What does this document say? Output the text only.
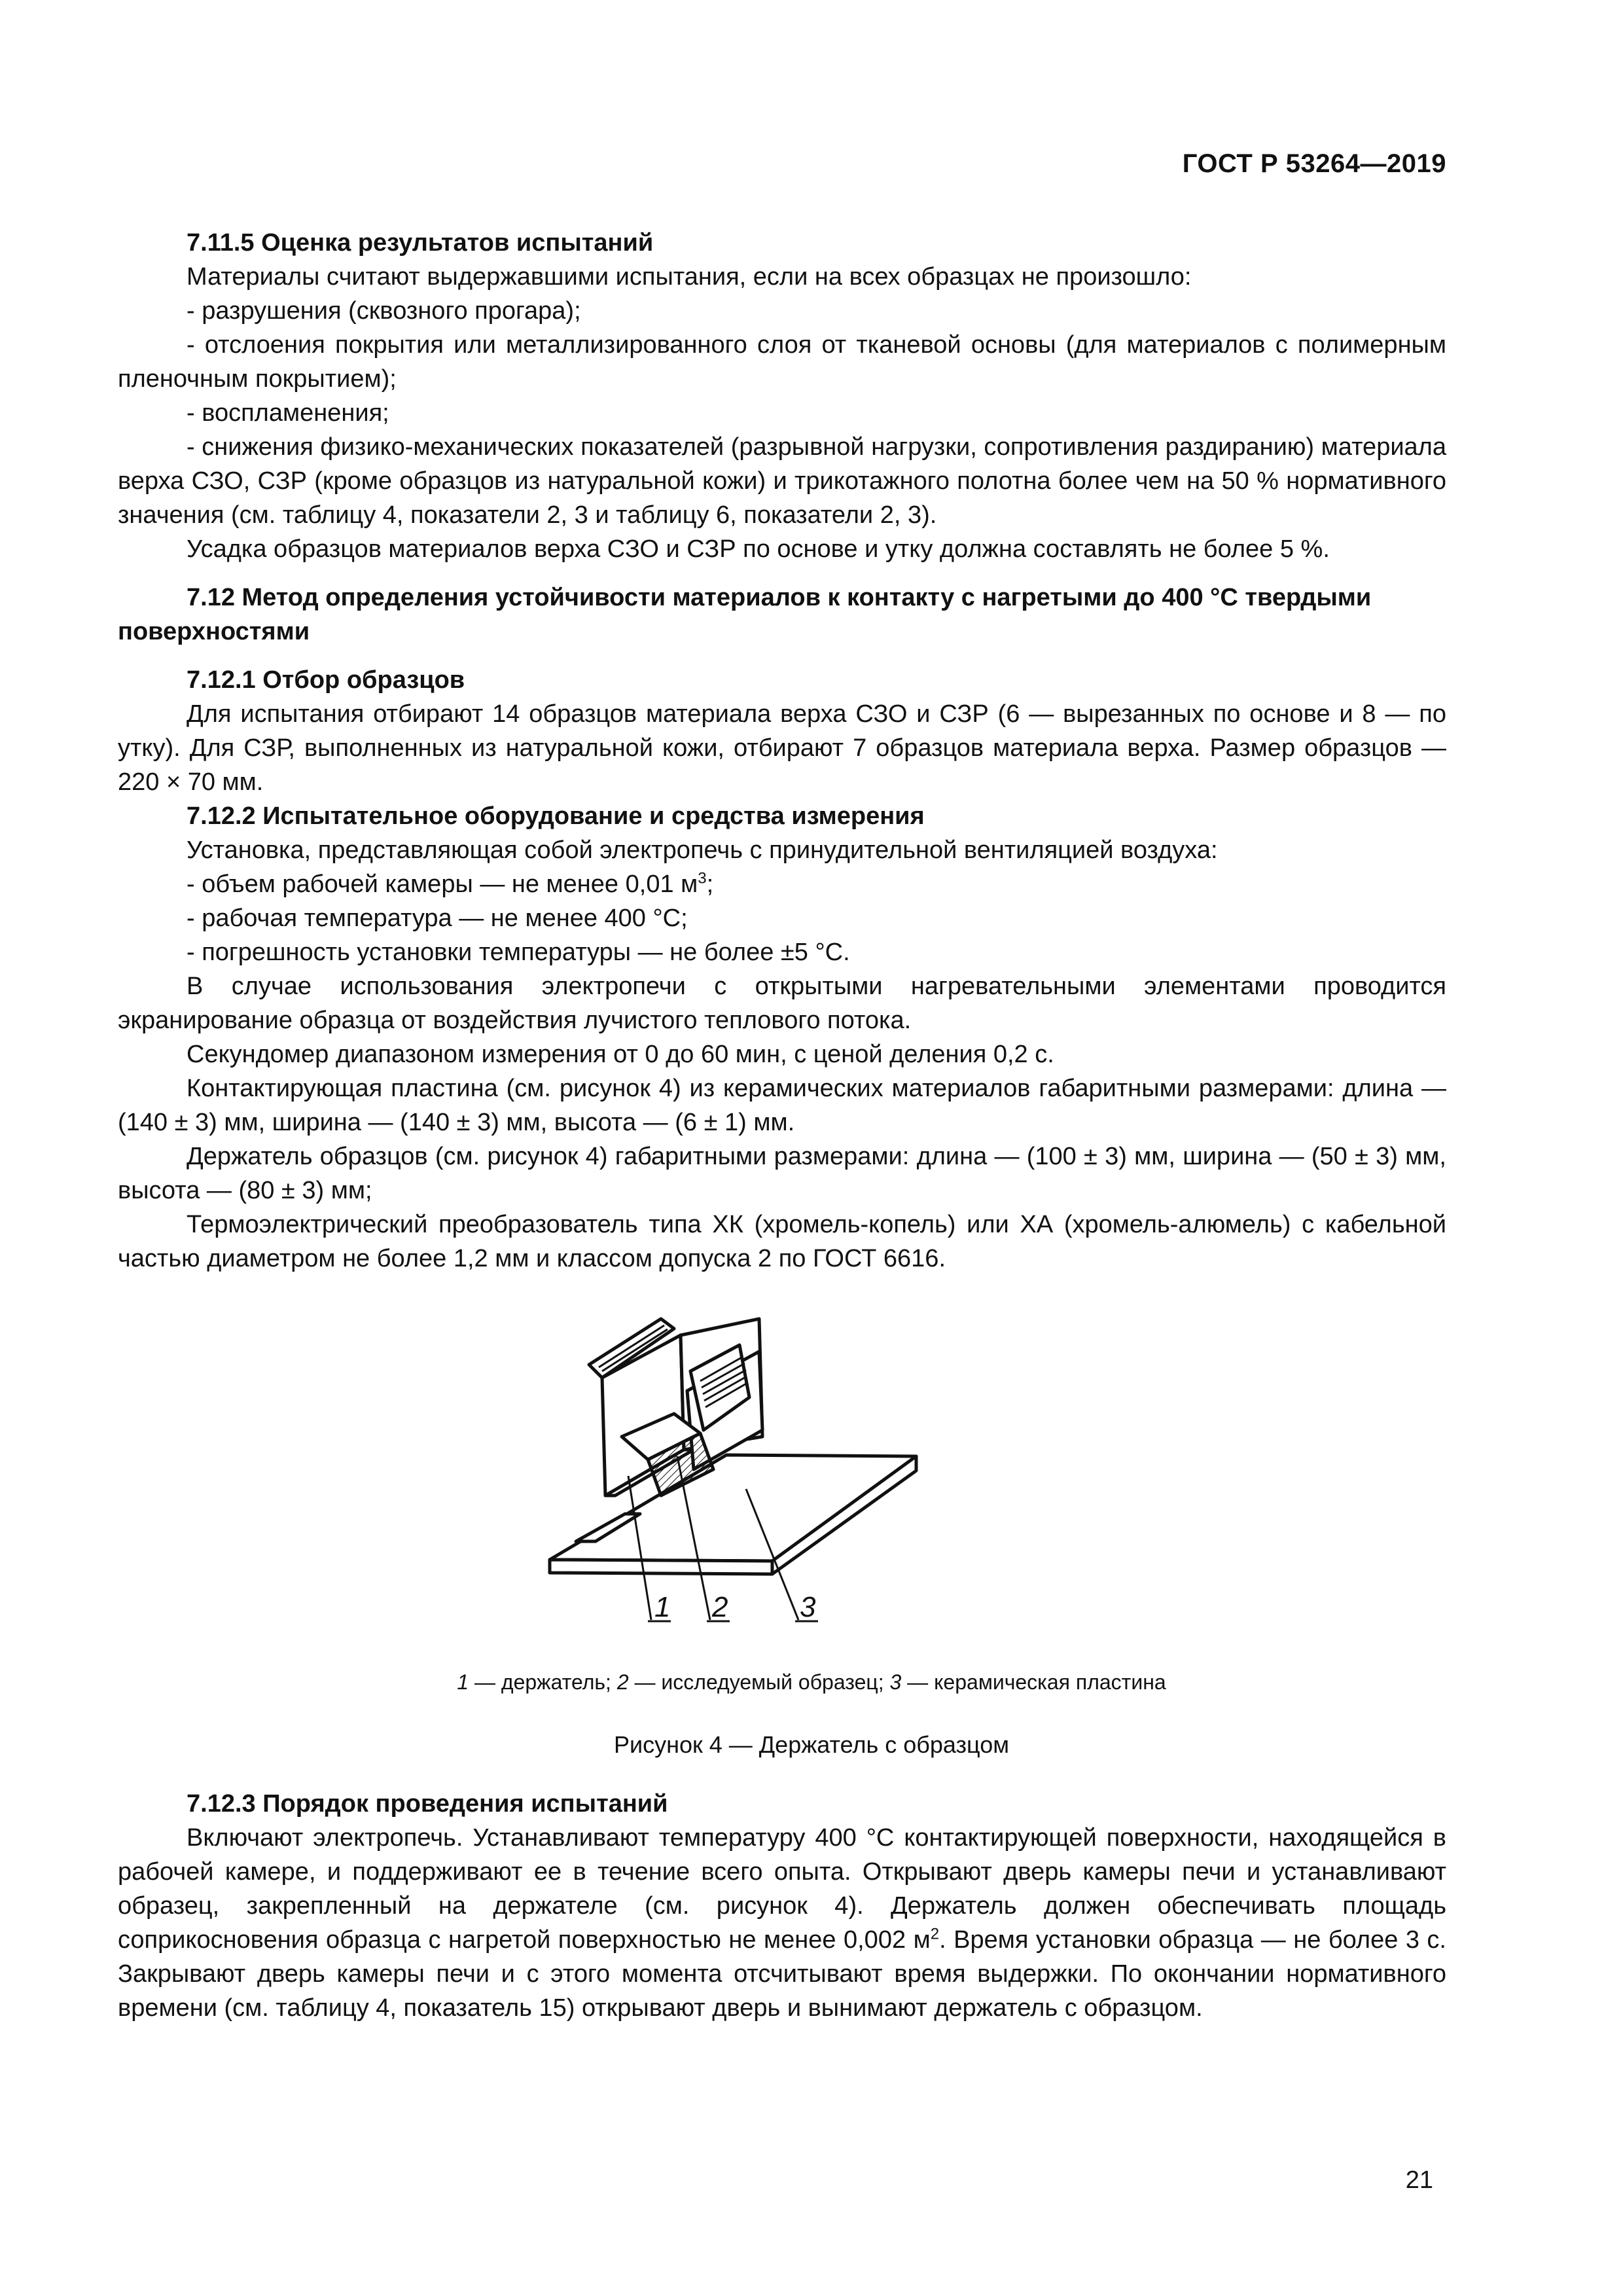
ГОСТ Р 53264—2019

7.11.5 Оценка результатов испытаний

Материалы считают выдержавшими испытания, если на всех образцах не произошло:

- разрушения (сквозного прогара);

- отслоения покрытия или металлизированного слоя от тканевой основы (для материалов с полимерным пленочным покрытием);

- воспламенения;

- снижения физико-механических показателей (разрывной нагрузки, сопротивления раздиранию) материала верха СЗО, СЗР (кроме образцов из натуральной кожи) и трикотажного полотна более чем на 50 % нормативного значения (см. таблицу 4, показатели 2, 3 и таблицу 6, показатели 2, 3).

Усадка образцов материалов верха СЗО и СЗР по основе и утку должна составлять не более 5 %.

7.12 Метод определения устойчивости материалов к контакту с нагретыми до 400 °С твердыми поверхностями

7.12.1 Отбор образцов

Для испытания отбирают 14 образцов материала верха СЗО и СЗР (6 — вырезанных по основе и 8 — по утку). Для СЗР, выполненных из натуральной кожи, отбирают 7 образцов материала верха. Размер образцов — 220 × 70 мм.

7.12.2 Испытательное оборудование и средства измерения

Установка, представляющая собой электропечь с принудительной вентиляцией воздуха:

- объем рабочей камеры — не менее 0,01 $м^3$;

- рабочая температура — не менее 400 °С;

- погрешность установки температуры — не более ±5 °С.

В случае использования электропечи с открытыми нагревательными элементами проводится экранирование образца от воздействия лучистого теплового потока.

Секундомер диапазоном измерения от 0 до 60 мин, с ценой деления 0,2 с.

Контактирующая пластина (см. рисунок 4) из керамических материалов габаритными размерами: длина — (140 ± 3) мм, ширина — (140 ± 3) мм, высота — (6 ± 1) мм.

Держатель образцов (см. рисунок 4) габаритными размерами: длина — (100 ± 3) мм, ширина — (50 ± 3) мм, высота — (80 ± 3) мм;

Термоэлектрический преобразователь типа ХК (хромель-копель) или ХА (хромель-алюмель) с кабельной частью диаметром не более 1,2 мм и классом допуска 2 по ГОСТ 6616.

1 2 3
1 — держатель; 2 — исследуемый образец; 3 — керамическая пластина
Рисунок 4 — Держатель с образцом

7.12.3 Порядок проведения испытаний

Включают электропечь. Устанавливают температуру 400 °С контактирующей поверхности, находящейся в рабочей камере, и поддерживают ее в течение всего опыта. Открывают дверь камеры печи и устанавливают образец, закрепленный на держателе (см. рисунок 4). Держатель должен обеспечивать площадь соприкосновения образца с нагретой поверхностью не менее 0,002 $м^2$. Время установки образца — не более 3 с. Закрывают дверь камеры печи и с этого момента отсчитывают время выдержки. По окончании нормативного времени (см. таблицу 4, показатель 15) открывают дверь и вынимают держатель с образцом.

21
